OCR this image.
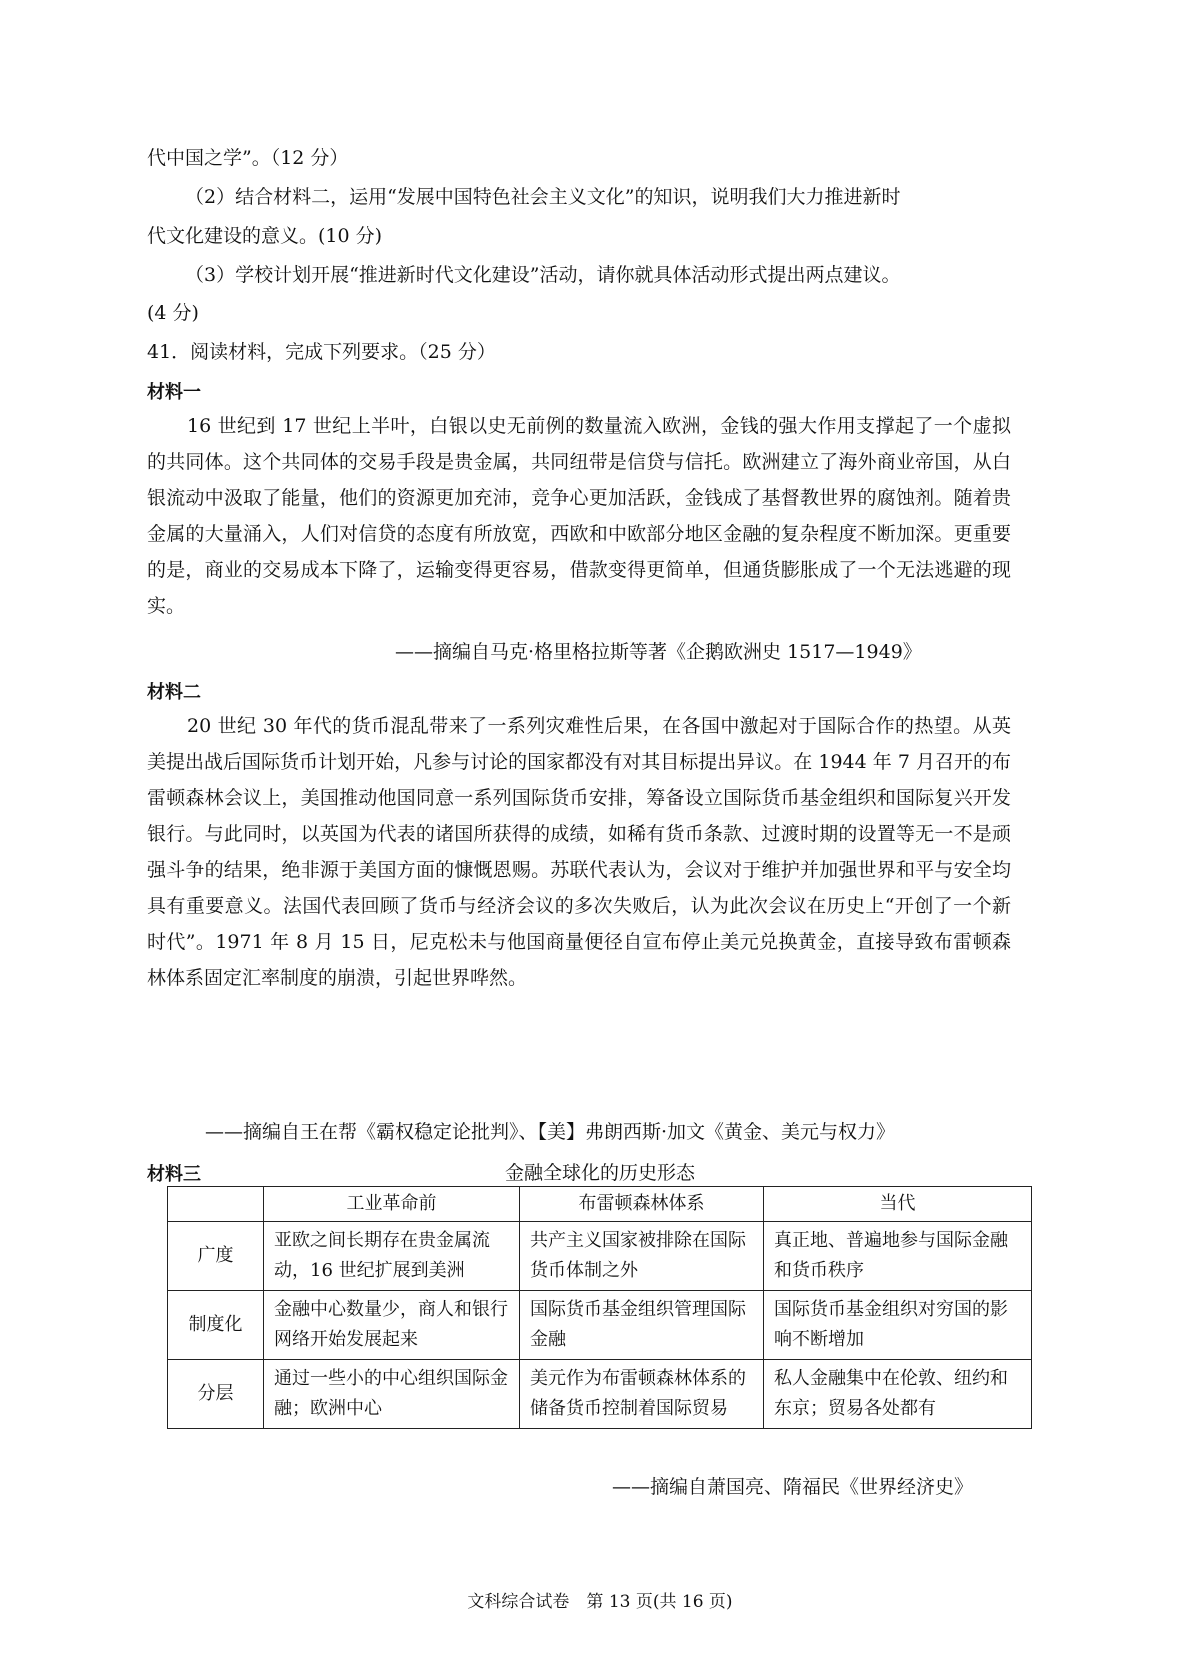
代中国之学”。（12 分）
（2）结合材料二，运用“发展中国特色社会主义文化”的知识，说明我们大力推进新时
代文化建设的意义。(10 分)
（3）学校计划开展“推进新时代文化建设”活动，请你就具体活动形式提出两点建议。
(4 分)
41．阅读材料，完成下列要求。（25 分）
材料一
16 世纪到 17 世纪上半叶，白银以史无前例的数量流入欧洲，金钱的强大作用支撑起了一个虚拟的共同体。这个共同体的交易手段是贵金属，共同纽带是信贷与信托。欧洲建立了海外商业帝国，从白银流动中汲取了能量，他们的资源更加充沛，竞争心更加活跃，金钱成了基督教世界的腐蚀剂。随着贵金属的大量涌入，人们对信贷的态度有所放宽，西欧和中欧部分地区金融的复杂程度不断加深。更重要的是，商业的交易成本下降了，运输变得更容易，借款变得更简单，但通货膨胀成了一个无法逃避的现实。
——摘编自马克·格里格拉斯等著《企鹅欧洲史 1517—1949》
材料二
20 世纪 30 年代的货币混乱带来了一系列灾难性后果，在各国中激起对于国际合作的热望。从英美提出战后国际货币计划开始，凡参与讨论的国家都没有对其目标提出异议。在 1944 年 7 月召开的布雷顿森林会议上，美国推动他国同意一系列国际货币安排，筹备设立国际货币基金组织和国际复兴开发银行。与此同时，以英国为代表的诸国所获得的成绩，如稀有货币条款、过渡时期的设置等无一不是顽强斗争的结果，绝非源于美国方面的慷慨恩赐。苏联代表认为，会议对于维护并加强世界和平与安全均具有重要意义。法国代表回顾了货币与经济会议的多次失败后，认为此次会议在历史上“开创了一个新时代”。1971 年 8 月 15 日，尼克松未与他国商量便径自宣布停止美元兑换黄金，直接导致布雷顿森林体系固定汇率制度的崩溃，引起世界哗然。
——摘编自王在帮《霸权稳定论批判》、【美】弗朗西斯·加文《黄金、美元与权力》
材料三	金融全球化的历史形态
	工业革命前	布雷顿森林体系	当代
广度	亚欧之间长期存在贵金属流动，16 世纪扩展到美洲	共产主义国家被排除在国际货币体制之外	真正地、普遍地参与国际金融和货币秩序
制度化	金融中心数量少，商人和银行网络开始发展起来	国际货币基金组织管理国际金融	国际货币基金组织对穷国的影响不断增加
分层	通过一些小的中心组织国际金融；欧洲中心	美元作为布雷顿森林体系的储备货币控制着国际贸易	私人金融集中在伦敦、纽约和东京；贸易各处都有
——摘编自萧国亮、隋福民《世界经济史》
文科综合试卷　第 13 页(共 16 页)
